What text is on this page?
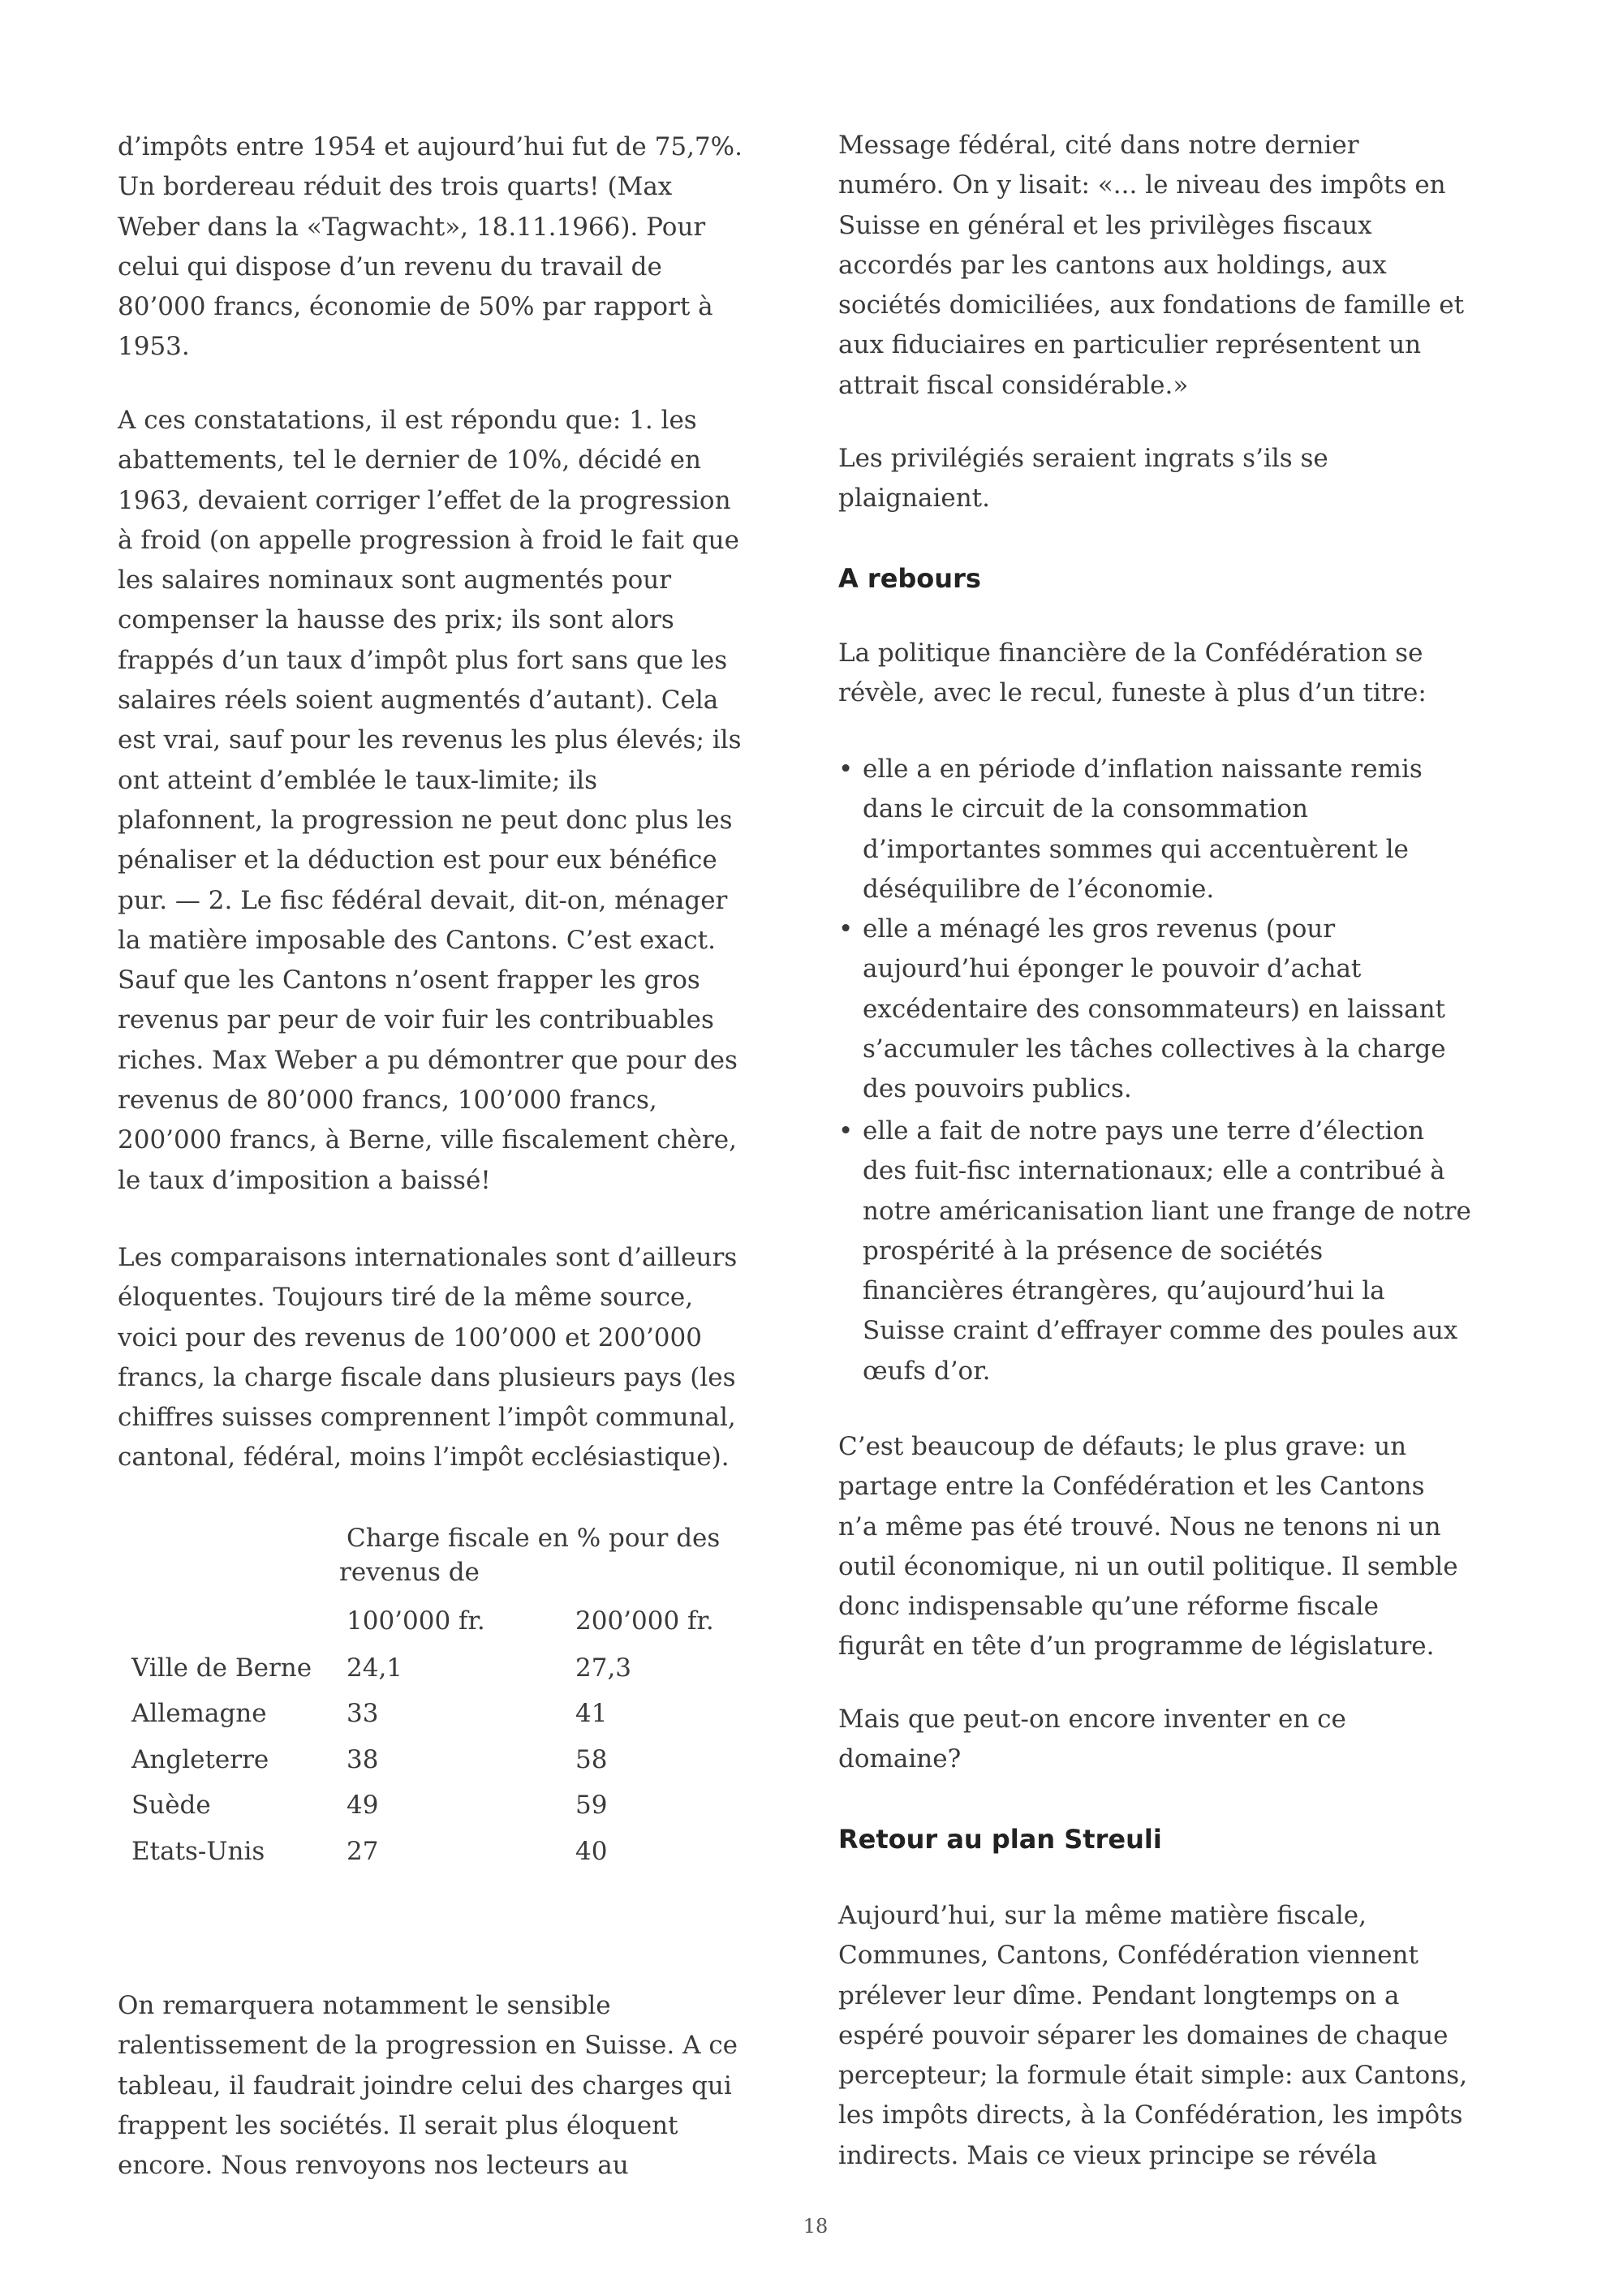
d’impôts entre 1954 et aujourd’hui fut de 75,7%.
Un bordereau réduit des trois quarts! (Max
Weber dans la «Tagwacht», 18.11.1966). Pour
celui qui dispose d’un revenu du travail de
80’000 francs, économie de 50% par rapport à
1953.
A ces constatations, il est répondu que: 1. les
abattements, tel le dernier de 10%, décidé en
1963, devaient corriger l’effet de la progression
à froid (on appelle progression à froid le fait que
les salaires nominaux sont augmentés pour
compenser la hausse des prix; ils sont alors
frappés d’un taux d’impôt plus fort sans que les
salaires réels soient augmentés d’autant). Cela
est vrai, sauf pour les revenus les plus élevés; ils
ont atteint d’emblée le taux-limite; ils
plafonnent, la progression ne peut donc plus les
pénaliser et la déduction est pour eux bénéfice
pur. — 2. Le fisc fédéral devait, dit-on, ménager
la matière imposable des Cantons. C’est exact.
Sauf que les Cantons n’osent frapper les gros
revenus par peur de voir fuir les contribuables
riches. Max Weber a pu démontrer que pour des
revenus de 80’000 francs, 100’000 francs,
200’000 francs, à Berne, ville fiscalement chère,
le taux d’imposition a baissé!
Les comparaisons internationales sont d’ailleurs
éloquentes. Toujours tiré de la même source,
voici pour des revenus de 100’000 et 200’000
francs, la charge fiscale dans plusieurs pays (les
chiffres suisses comprennent l’impôt communal,
cantonal, fédéral, moins l’impôt ecclésiastique).
On remarquera notamment le sensible
ralentissement de la progression en Suisse. A ce
tableau, il faudrait joindre celui des charges qui
frappent les sociétés. Il serait plus éloquent
encore. Nous renvoyons nos lecteurs au
Message fédéral, cité dans notre dernier
numéro. On y lisait: «... le niveau des impôts en
Suisse en général et les privilèges fiscaux
accordés par les cantons aux holdings, aux
sociétés domiciliées, aux fondations de famille et
aux fiduciaires en particulier représentent un
attrait fiscal considérable.»
Les privilégiés seraient ingrats s’ils se
plaignaient.
La politique financière de la Confédération se
révèle, avec le recul, funeste à plus d’un titre:
C’est beaucoup de défauts; le plus grave: un
partage entre la Confédération et les Cantons
n’a même pas été trouvé. Nous ne tenons ni un
outil économique, ni un outil politique. Il semble
donc indispensable qu’une réforme fiscale
figurât en tête d’un programme de législature.
Mais que peut-on encore inventer en ce
domaine?
Aujourd’hui, sur la même matière fiscale,
Communes, Cantons, Confédération viennent
prélever leur dîme. Pendant longtemps on a
espéré pouvoir séparer les domaines de chaque
percepteur; la formule était simple: aux Cantons,
les impôts directs, à la Confédération, les impôts
indirects. Mais ce vieux principe se révéla
A rebours
Retour au plan Streuli
• elle a en période d’inflation naissante remis
dans le circuit de la consommation
d’importantes sommes qui accentuèrent le
déséquilibre de l’économie.
• elle a ménagé les gros revenus (pour
aujourd’hui éponger le pouvoir d’achat
excédentaire des consommateurs) en laissant
s’accumuler les tâches collectives à la charge
des pouvoirs publics.
• elle a fait de notre pays une terre d’élection
des fuit-fisc internationaux; elle a contribué à
notre américanisation liant une frange de notre
prospérité à la présence de sociétés
financières étrangères, qu’aujourd’hui la
Suisse craint d’effrayer comme des poules aux
œufs d’or.
Charge fiscale en % pour des
revenus de
100’000 fr.	200’000 fr.
Ville de Berne 24,1	27,3
Allemagne	33	41
Angleterre	38	58
Suède	49	59
Etats-Unis	27	40
18
